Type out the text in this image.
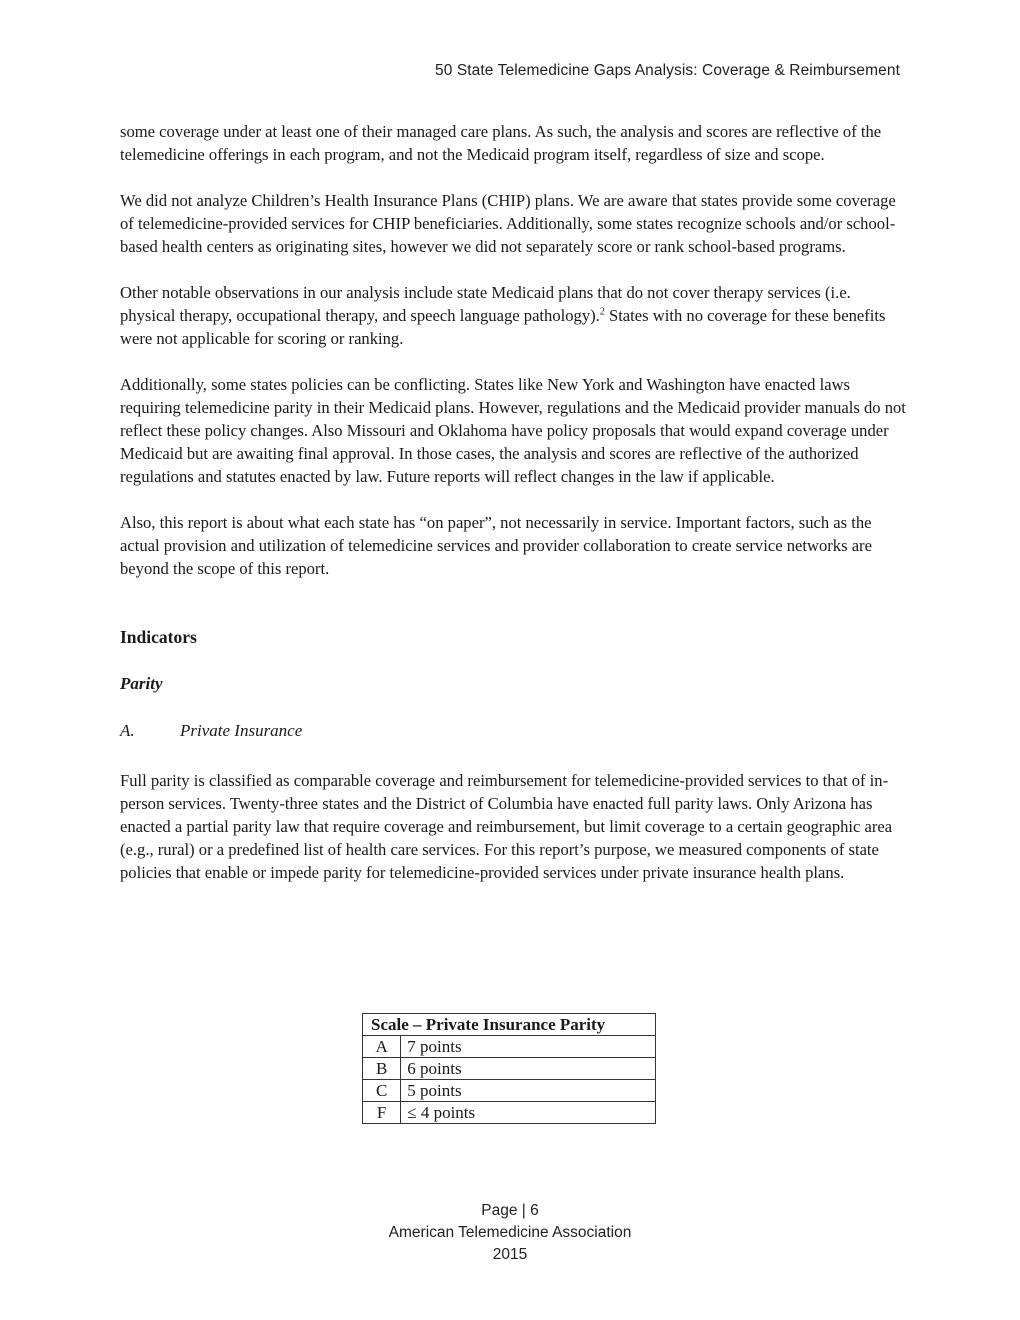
50 State Telemedicine Gaps Analysis: Coverage & Reimbursement

some coverage under at least one of their managed care plans. As such, the analysis and scores are reflective of the telemedicine offerings in each program, and not the Medicaid program itself, regardless of size and scope.

We did not analyze Children’s Health Insurance Plans (CHIP) plans. We are aware that states provide some coverage of telemedicine-provided services for CHIP beneficiaries. Additionally, some states recognize schools and/or school-based health centers as originating sites, however we did not separately score or rank school-based programs.

Other notable observations in our analysis include state Medicaid plans that do not cover therapy services (i.e. physical therapy, occupational therapy, and speech language pathology).$^2$ States with no coverage for these benefits were not applicable for scoring or ranking.

Additionally, some states policies can be conflicting. States like New York and Washington have enacted laws requiring telemedicine parity in their Medicaid plans. However, regulations and the Medicaid provider manuals do not reflect these policy changes. Also Missouri and Oklahoma have policy proposals that would expand coverage under Medicaid but are awaiting final approval. In those cases, the analysis and scores are reflective of the authorized regulations and statutes enacted by law. Future reports will reflect changes in the law if applicable.

Also, this report is about what each state has “on paper”, not necessarily in service. Important factors, such as the actual provision and utilization of telemedicine services and provider collaboration to create service networks are beyond the scope of this report.

Indicators
Parity
A.	Private Insurance

Full parity is classified as comparable coverage and reimbursement for telemedicine-provided services to that of in-person services. Twenty-three states and the District of Columbia have enacted full parity laws. Only Arizona has enacted a partial parity law that require coverage and reimbursement, but limit coverage to a certain geographic area (e.g., rural) or a predefined list of health care services. For this report’s purpose, we measured components of state policies that enable or impede parity for telemedicine-provided services under private insurance health plans.

Scale – Private Insurance Parity	
A	7 points
B	6 points
C	5 points
F	≤ 4 points
Page | 6
American Telemedicine Association
2015
